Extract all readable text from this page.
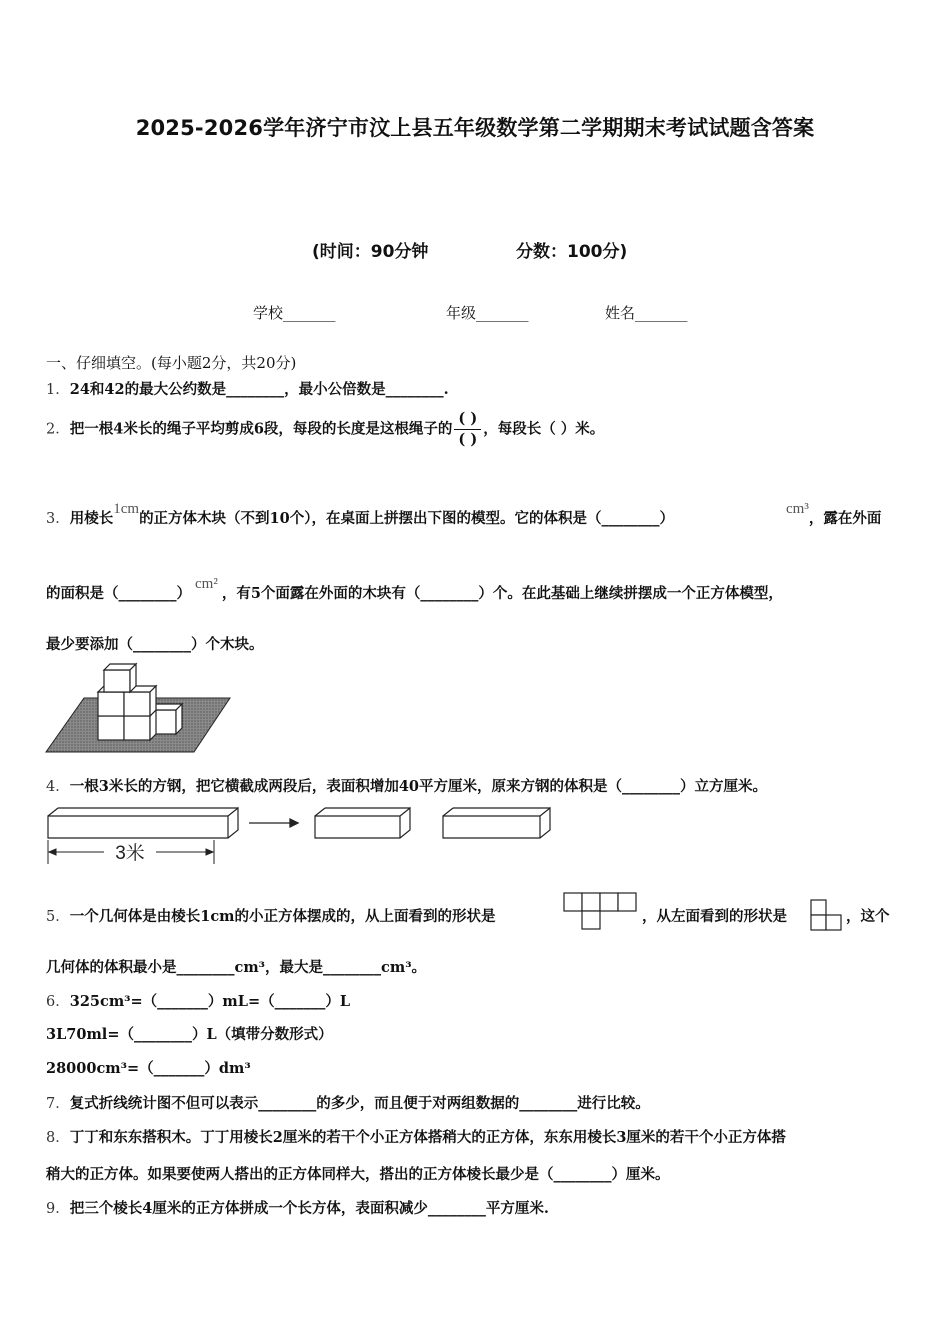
2025-2026学年济宁市汶上县五年级数学第二学期期末考试试题含答案
(时间：90分钟	分数：100分)
学校_______	年级_______	姓名_______
一、仔细填空。(每小题2分，共20分)
1．24和42的最大公约数是________，最小公倍数是________.
2．把一根4米长的绳子平均剪成6段，每段的长度是这根绳子的 $\frac{( )}{( )}$ ，每段长（ ）米。
3．用棱长1cm的正方体木块（不到10个），在桌面上拼摆出下图的模型。它的体积是（________）
cm³，露在外面
的面积是（________）cm²，有5个面露在外面的木块有（________）个。在此基础上继续拼摆成一个正方体模型，
最少要添加（________）个木块。
4．一根3米长的方钢，把它横截成两段后，表面积增加40平方厘米，原来方钢的体积是（________）立方厘米。
3米
5．一个几何体是由棱长1cm的小正方体摆成的，从上面看到的形状是	，从左面看到的形状是	，这个
几何体的体积最小是________cm³，最大是________cm³。
6．325cm³=（_______）mL=（_______）L
3L70ml=（________）L（填带分数形式）
28000cm³=（_______）dm³
7．复式折线统计图不但可以表示________的多少，而且便于对两组数据的________进行比较。
8．丁丁和东东搭积木。丁丁用棱长2厘米的若干个小正方体搭稍大的正方体，东东用棱长3厘米的若干个小正方体搭
稍大的正方体。如果要使两人搭出的正方体同样大，搭出的正方体棱长最少是（________）厘米。
9．把三个棱长4厘米的正方体拼成一个长方体，表面积减少________平方厘米.
